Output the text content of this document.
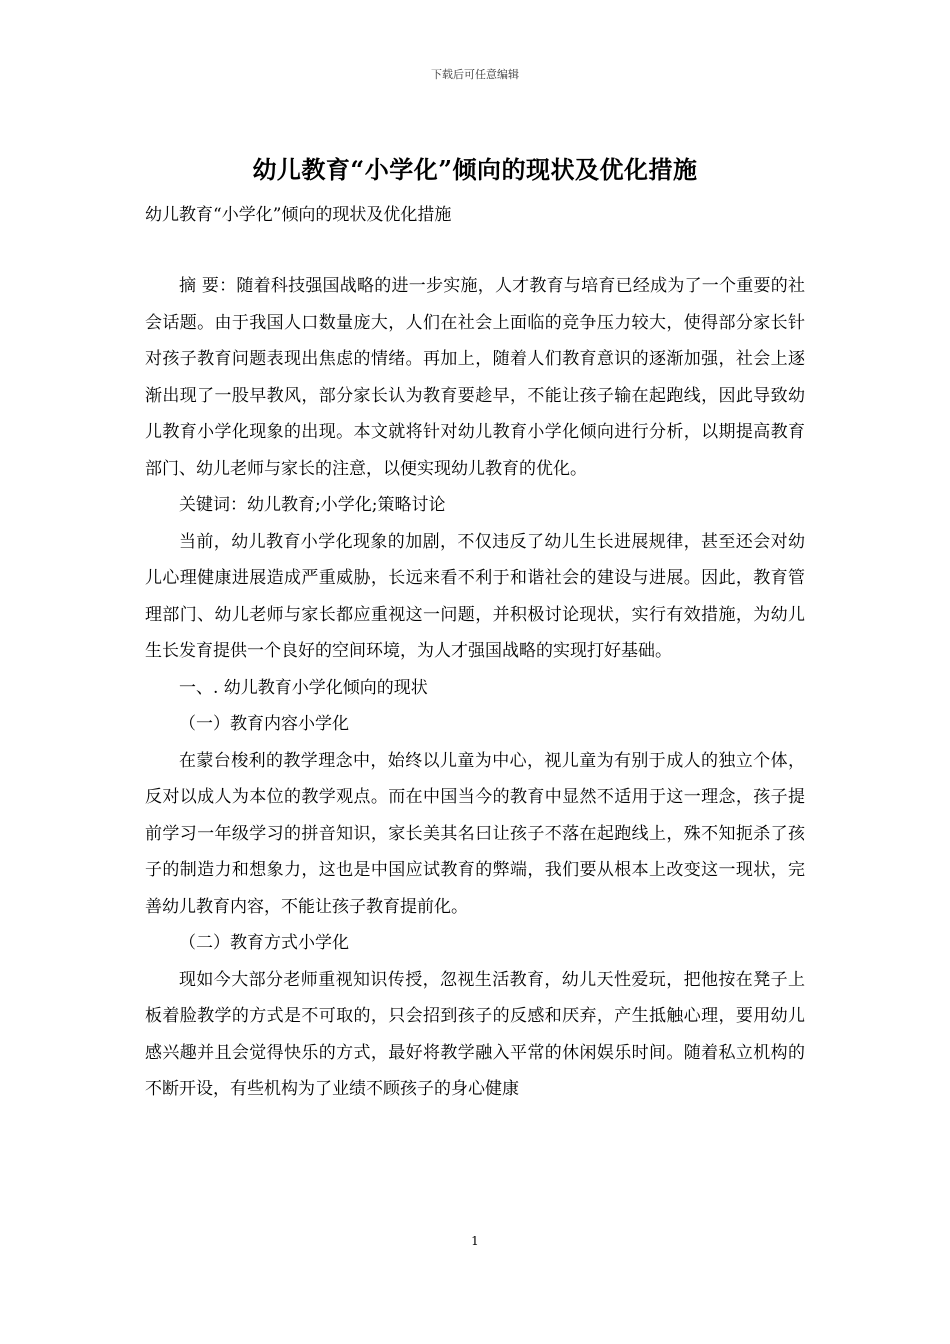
下载后可任意编辑
幼儿教育“小学化”倾向的现状及优化措施
幼儿教育“小学化”倾向的现状及优化措施

摘 要：随着科技强国战略的进一步实施，人才教育与培育已经成为了一个重要的社会话题。由于我国人口数量庞大，人们在社会上面临的竞争压力较大，使得部分家长针对孩子教育问题表现出焦虑的情绪。再加上，随着人们教育意识的逐渐加强，社会上逐渐出现了一股早教风，部分家长认为教育要趁早，不能让孩子输在起跑线，因此导致幼儿教育小学化现象的出现。本文就将针对幼儿教育小学化倾向进行分析，以期提高教育部门、幼儿老师与家长的注意，以便实现幼儿教育的优化。

关键词：幼儿教育;小学化;策略讨论

当前，幼儿教育小学化现象的加剧，不仅违反了幼儿生长进展规律，甚至还会对幼儿心理健康进展造成严重威胁，长远来看不利于和谐社会的建设与进展。因此，教育管理部门、幼儿老师与家长都应重视这一问题，并积极讨论现状，实行有效措施，为幼儿生长发育提供一个良好的空间环境，为人才强国战略的实现打好基础。

一、. 幼儿教育小学化倾向的现状

（一）教育内容小学化

在蒙台梭利的教学理念中，始终以儿童为中心，视儿童为有别于成人的独立个体，反对以成人为本位的教学观点。而在中国当今的教育中显然不适用于这一理念，孩子提前学习一年级学习的拼音知识，家长美其名曰让孩子不落在起跑线上，殊不知扼杀了孩子的制造力和想象力，这也是中国应试教育的弊端，我们要从根本上改变这一现状，完善幼儿教育内容，不能让孩子教育提前化。

（二）教育方式小学化

现如今大部分老师重视知识传授，忽视生活教育，幼儿天性爱玩，把他按在凳子上板着脸教学的方式是不可取的，只会招到孩子的反感和厌弃，产生抵触心理，要用幼儿感兴趣并且会觉得快乐的方式，最好将教学融入平常的休闲娱乐时间。随着私立机构的不断开设，有些机构为了业绩不顾孩子的身心健康

1
